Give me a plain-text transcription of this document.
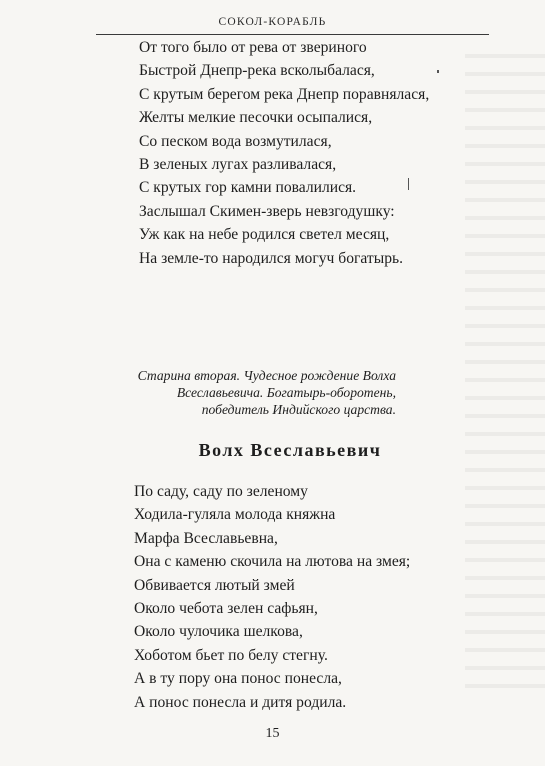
СОКОЛ-КОРАБЛЬ
От того было от рева от звериного
Быстрой Днепр-река всколыбалася,
С крутым берегом река Днепр поравнялася,
Желты мелкие песочки осыпалися,
Со песком вода возмутилася,
В зеленых лугах разливалася,
С крутых гор камни повалилися.
Заслышал Скимен-зверь невзгодушку:
Уж как на небе родился светел месяц,
На земле-то народился могуч богатырь.
Старина вторая. Чудесное рождение Волха
Всеславьевича. Богатырь-оборотень,
победитель Индийского царства.
Волх Всеславьевич
По саду, саду по зеленому
Ходила-гуляла молода княжна
Марфа Всеславьевна,
Она с каменю скочила на лютова на змея;
Обвивается лютый змей
Около чебота зелен сафьян,
Около чулочика шелкова,
Хоботом бьет по белу стегну.
А в ту пору она понос понесла,
А понос понесла и дитя родила.
15
